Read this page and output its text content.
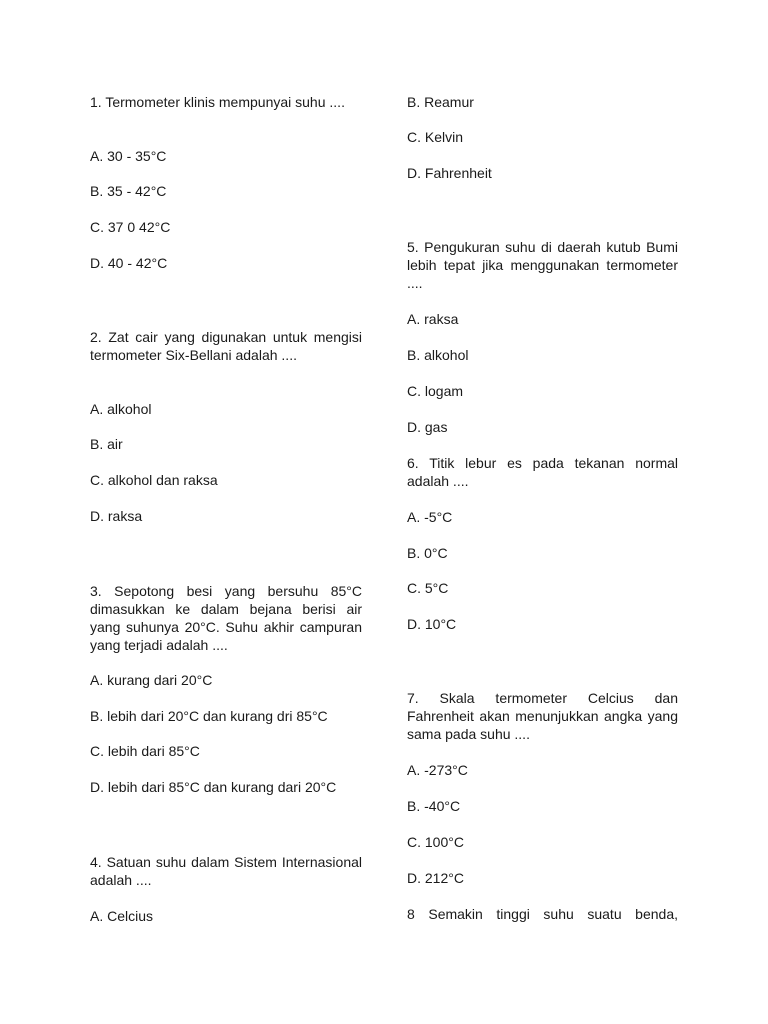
1. Termometer klinis mempunyai suhu ....

A. 30 - 35°C

B. 35 - 42°C

C. 37 0 42°C

D. 40 - 42°C

2. Zat cair yang digunakan untuk mengisi termometer Six-Bellani adalah ....

A. alkohol

B. air

C. alkohol dan raksa

D. raksa

3. Sepotong besi yang bersuhu 85°C dimasukkan ke dalam bejana berisi air yang suhunya 20°C. Suhu akhir campuran yang terjadi adalah ....

A. kurang dari 20°C

B. lebih dari 20°C dan kurang dri 85°C

C. lebih dari 85°C

D. lebih dari 85°C dan kurang dari 20°C

4. Satuan suhu dalam Sistem Internasional adalah ....

A. Celcius

B. Reamur

C. Kelvin

D. Fahrenheit

5. Pengukuran suhu di daerah kutub Bumi lebih tepat jika menggunakan termometer ....

A. raksa

B. alkohol

C. logam

D. gas

6. Titik lebur es pada tekanan normal adalah ....

A. -5°C

B. 0°C

C. 5°C

D. 10°C

7. Skala termometer Celcius dan Fahrenheit akan menunjukkan angka yang sama pada suhu ....

A. -273°C

B. -40°C

C. 100°C

D. 212°C

8 Semakin tinggi suhu suatu benda,
